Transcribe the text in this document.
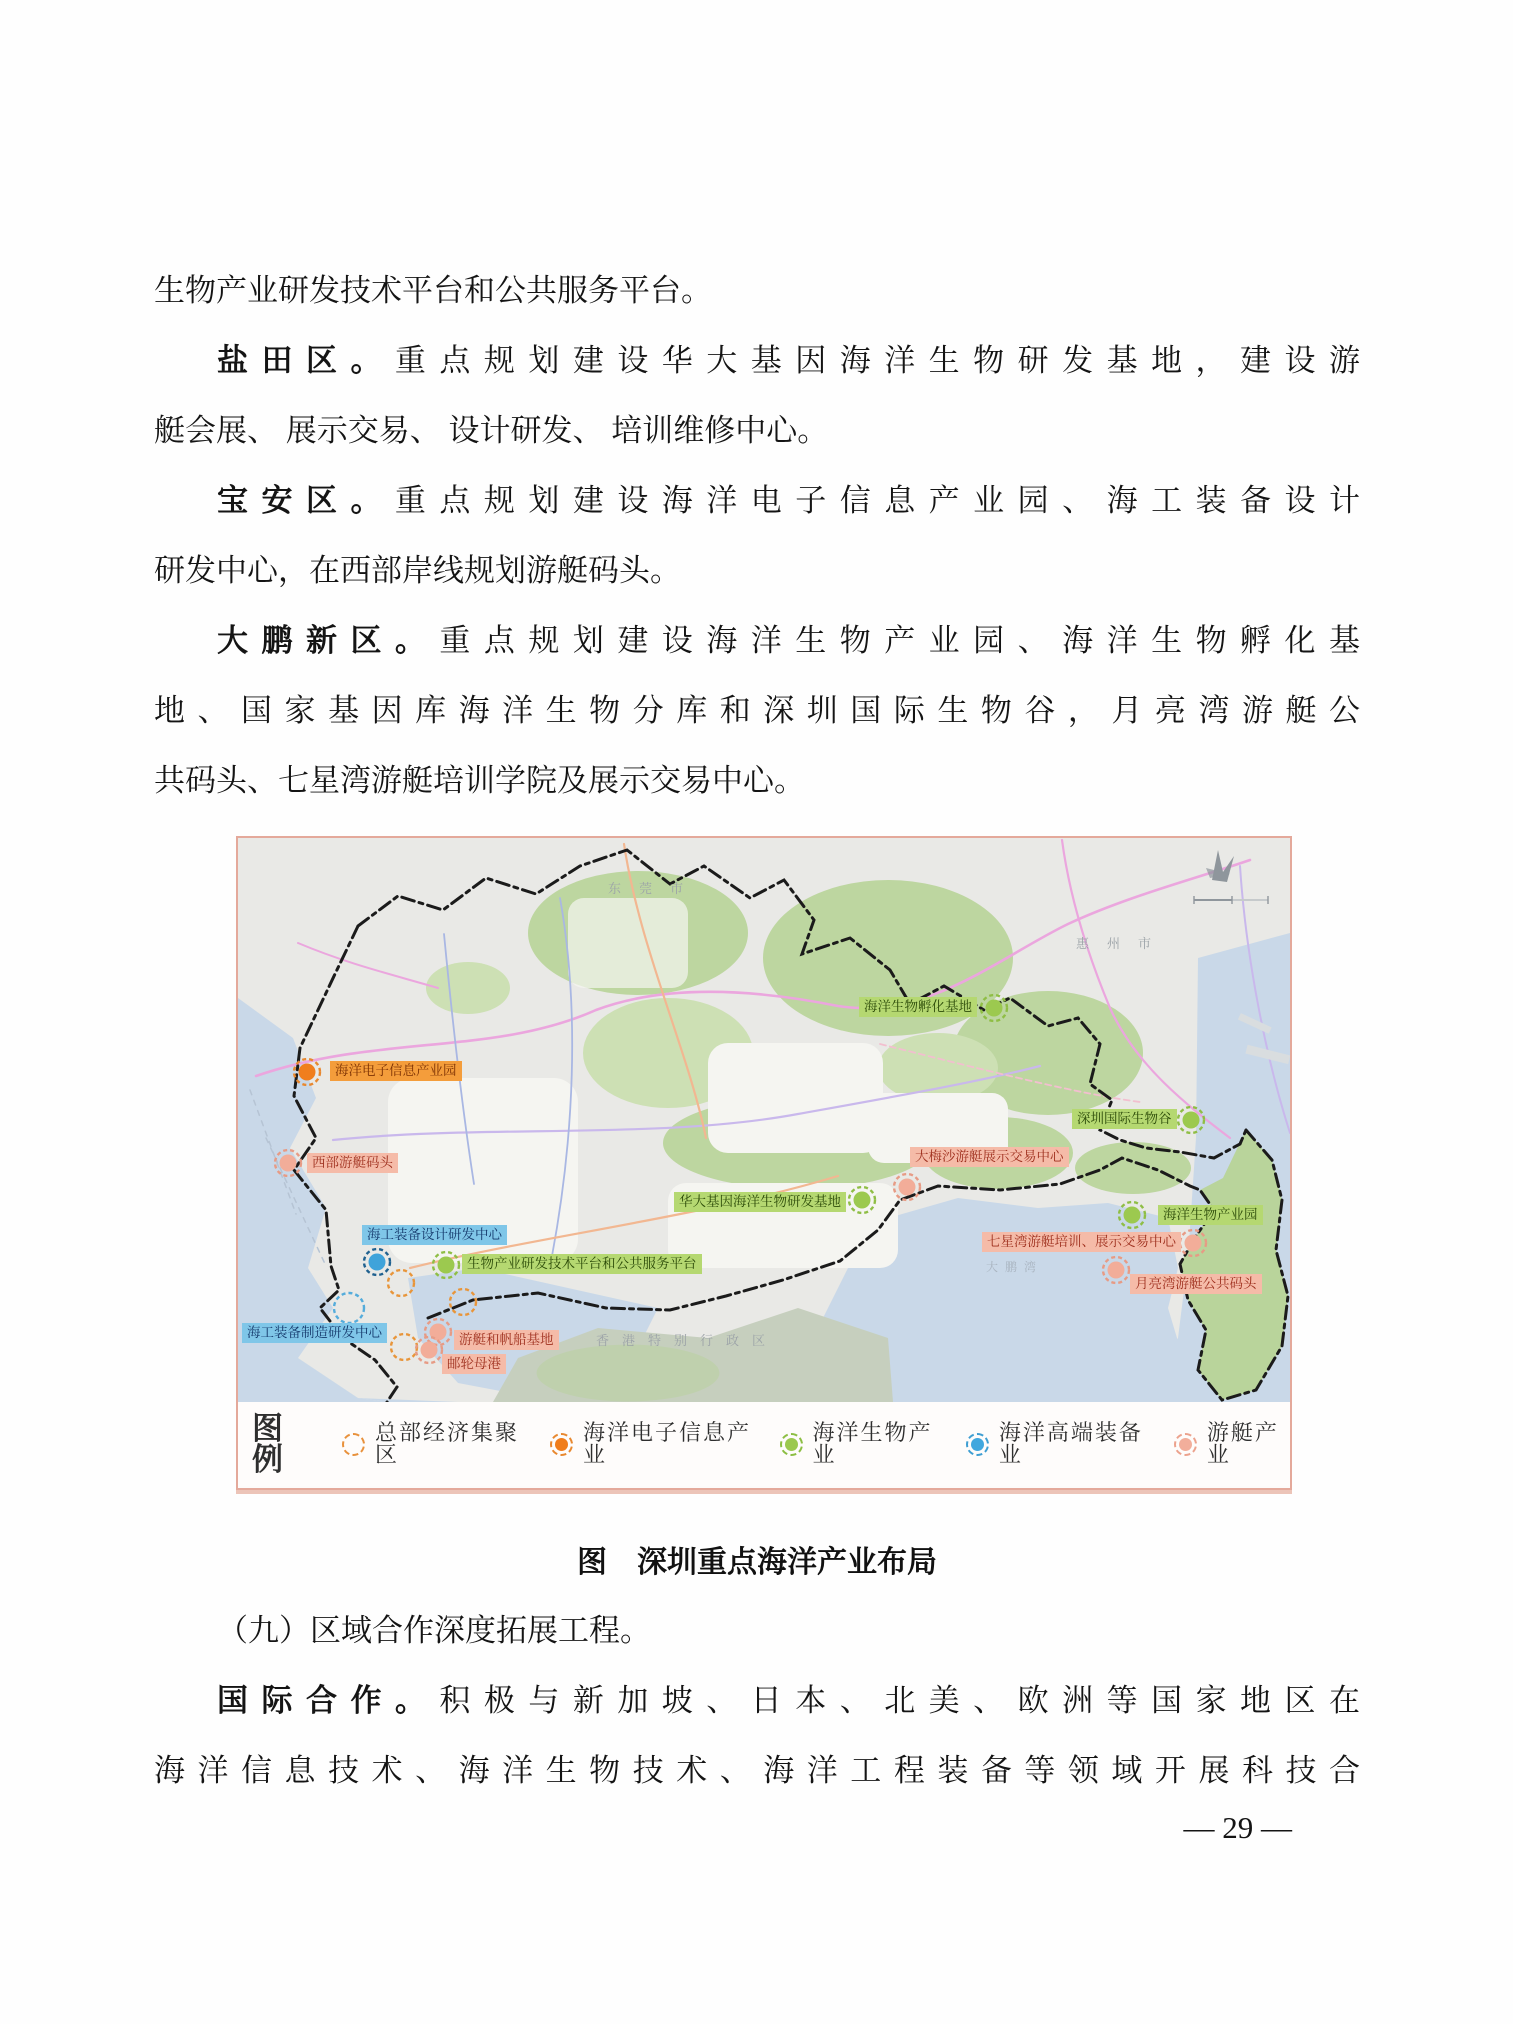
生物产业研发技术平台和公共服务平台。
盐田区。重点规划建设华大基因海洋生物研发基地，建设游
艇会展、 展示交易、 设计研发、 培训维修中心。
宝安区。重点规划建设海洋电子信息产业园、海工装备设计
研发中心，在西部岸线规划游艇码头。
大鹏新区。重点规划建设海洋生物产业园、海洋生物孵化基
地、国家基因库海洋生物分库和深圳国际生物谷，月亮湾游艇公
共码头、七星湾游艇培训学院及展示交易中心。
东莞市
惠州市
香港特别行政区
大鹏湾
海洋电子信息产业园
西部游艇码头
海工装备设计研发中心
生物产业研发技术平台和公共服务平台
海工装备制造研发中心	游艇和帆船基地
邮轮母港
海洋生物孵化基地
深圳国际生物谷
大梅沙游艇展示交易中心
华大基因海洋生物研发基地
海洋生物产业园
七星湾游艇培训、展示交易中心
月亮湾游艇公共码头
图例
总部经济集聚区
海洋电子信息产业
海洋生物产业
海洋高端装备业
游艇产业
图　深圳重点海洋产业布局
（九）区域合作深度拓展工程。
国际合作。积极与新加坡、日本、北美、欧洲等国家地区在
海洋信息技术、海洋生物技术、海洋工程装备等领域开展科技合
— 29 —
